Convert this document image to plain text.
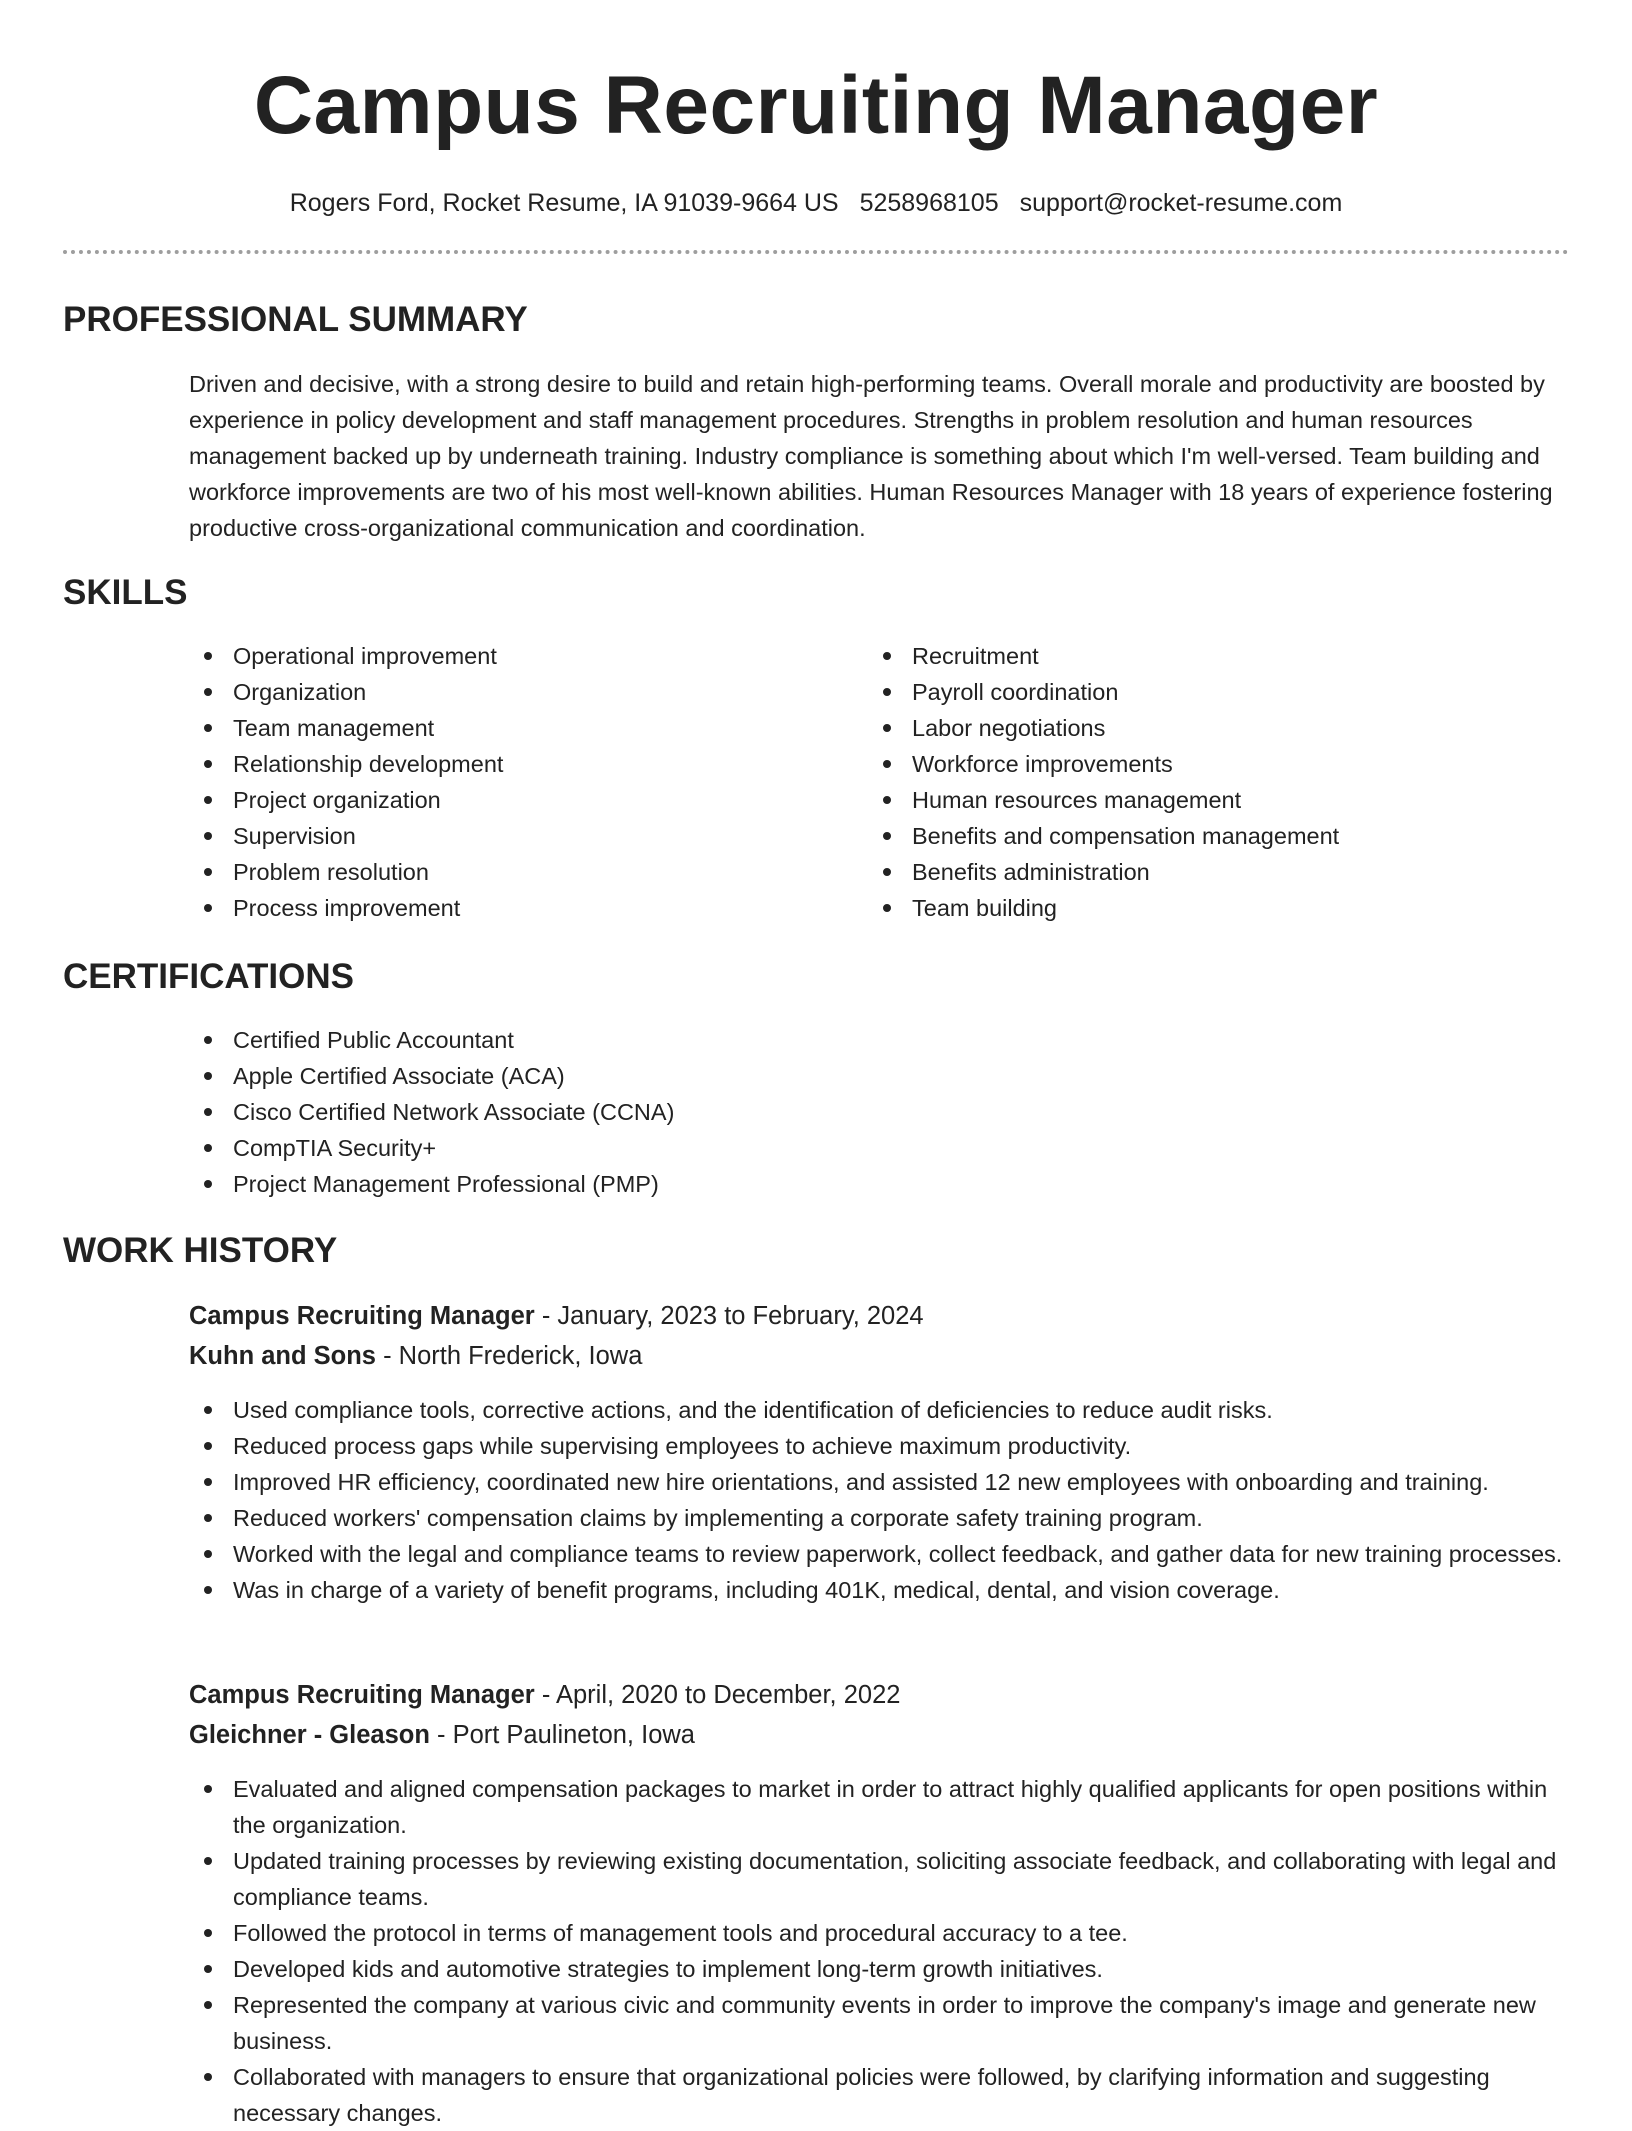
Campus Recruiting Manager
Rogers Ford, Rocket Resume, IA 91039-9664 US 5258968105 support@rocket-resume.com
PROFESSIONAL SUMMARY

Driven and decisive, with a strong desire to build and retain high-performing teams. Overall morale and productivity are boosted by experience in policy development and staff management procedures. Strengths in problem resolution and human resources management backed up by underneath training. Industry compliance is something about which I'm well-versed. Team building and workforce improvements are two of his most well-known abilities. Human Resources Manager with 18 years of experience fostering productive cross-organizational communication and coordination.

SKILLS
Operational improvement
Organization
Team management
Relationship development
Project organization
Supervision
Problem resolution
Process improvement
Recruitment
Payroll coordination
Labor negotiations
Workforce improvements
Human resources management
Benefits and compensation management
Benefits administration
Team building
CERTIFICATIONS
Certified Public Accountant
Apple Certified Associate (ACA)
Cisco Certified Network Associate (CCNA)
CompTIA Security+
Project Management Professional (PMP)
WORK HISTORY
Campus Recruiting Manager - January, 2023 to February, 2024
Kuhn and Sons - North Frederick, Iowa
Used compliance tools, corrective actions, and the identification of deficiencies to reduce audit risks.
Reduced process gaps while supervising employees to achieve maximum productivity.
Improved HR efficiency, coordinated new hire orientations, and assisted 12 new employees with onboarding and training.
Reduced workers' compensation claims by implementing a corporate safety training program.
Worked with the legal and compliance teams to review paperwork, collect feedback, and gather data for new training processes.
Was in charge of a variety of benefit programs, including 401K, medical, dental, and vision coverage.
Campus Recruiting Manager - April, 2020 to December, 2022
Gleichner - Gleason - Port Paulineton, Iowa
Evaluated and aligned compensation packages to market in order to attract highly qualified applicants for open positions within the organization.
Updated training processes by reviewing existing documentation, soliciting associate feedback, and collaborating with legal and compliance teams.
Followed the protocol in terms of management tools and procedural accuracy to a tee.
Developed kids and automotive strategies to implement long-term growth initiatives.
Represented the company at various civic and community events in order to improve the company's image and generate new business.
Collaborated with managers to ensure that organizational policies were followed, by clarifying information and suggesting necessary changes.
